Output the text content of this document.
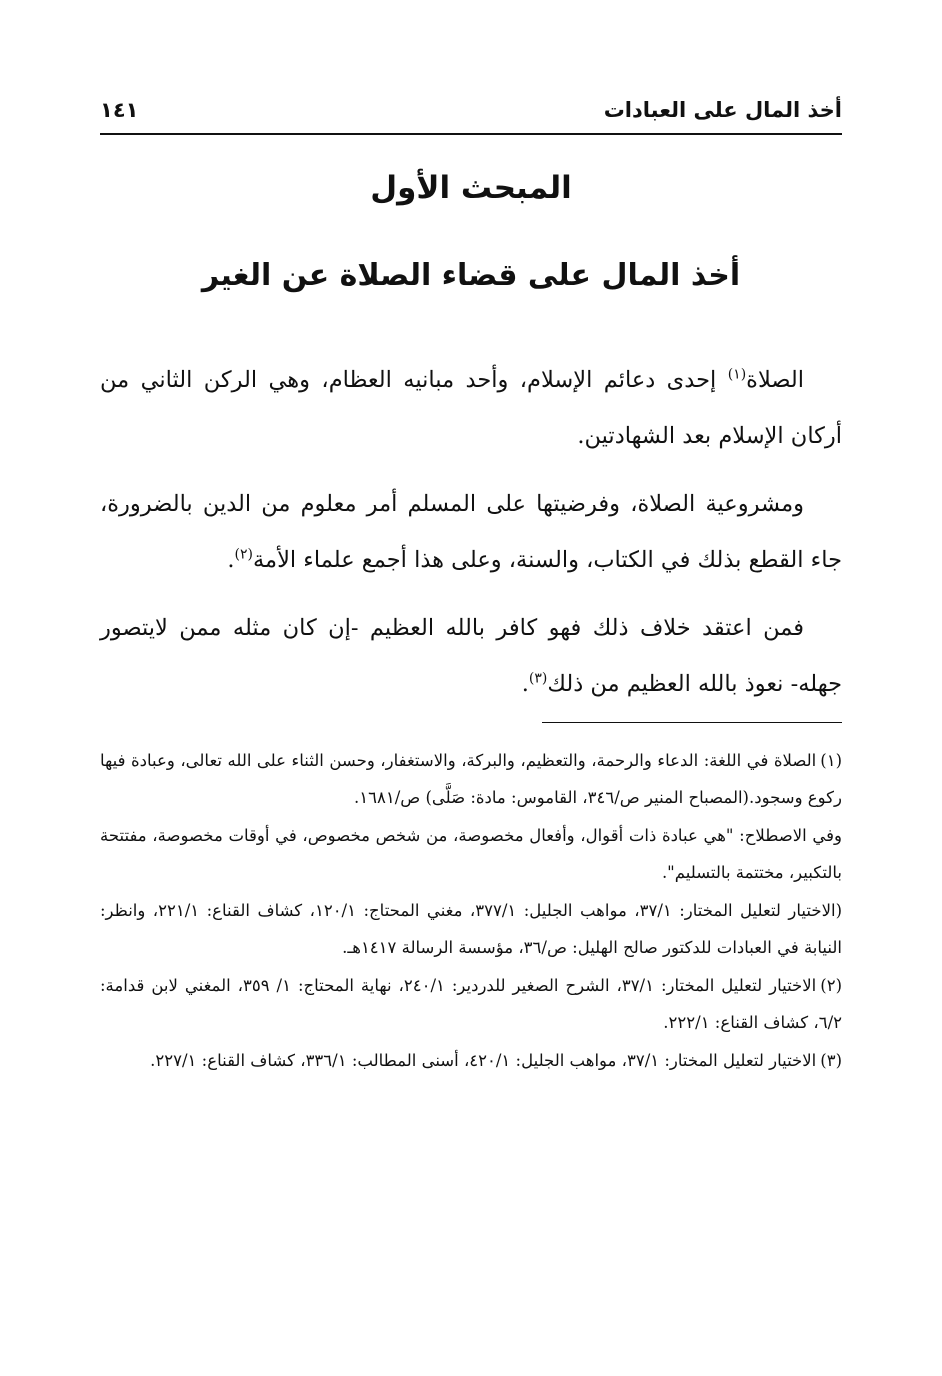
أخذ المال على العبادات
١٤١
المبحث الأول
أخذ المال على قضاء الصلاة عن الغير

الصلاة$^{(١)}$ إحدى دعائم الإسلام، وأحد مبانيه العظام، وهي الركن الثاني من أركان الإسلام بعد الشهادتين.

ومشروعية الصلاة، وفرضيتها على المسلم أمر معلوم من الدين بالضرورة، جاء القطع بذلك في الكتاب، والسنة، وعلى هذا أجمع علماء الأمة$^{(٢)}$.

فمن اعتقد خلاف ذلك فهو كافر بالله العظيم -إن كان مثله ممن لايتصور جهله- نعوذ بالله العظيم من ذلك$^{(٣)}$.

(١)الصلاة في اللغة: الدعاء والرحمة، والتعظيم، والبركة، والاستغفار، وحسن الثناء على الله تعالى، وعبادة فيها ركوع وسجود.(المصباح المنير ص/٣٤٦، القاموس: مادة: صَلَّى) ص/١٦٨١.

وفي الاصطلاح: "هي عبادة ذات أقوال، وأفعال مخصوصة، من شخص مخصوص، في أوقات مخصوصة، مفتتحة بالتكبير، مختتمة بالتسليم".

(الاختيار لتعليل المختار: ٣٧/١، مواهب الجليل: ٣٧٧/١، مغني المحتاج: ١٢٠/١، كشاف القناع: ٢٢١/١، وانظر: النيابة في العبادات للدكتور صالح الهليل: ص/٣٦، مؤسسة الرسالة ١٤١٧هـ.

(٢)الاختيار لتعليل المختار: ٣٧/١، الشرح الصغير للدردير: ٢٤٠/١، نهاية المحتاج: ١/ ٣٥٩، المغني لابن قدامة: ٦/٢، كشاف القناع: ٢٢٢/١.

(٣)الاختيار لتعليل المختار: ٣٧/١، مواهب الجليل: ٤٢٠/١، أسنى المطالب: ٣٣٦/١، كشاف القناع: ٢٢٧/١.
